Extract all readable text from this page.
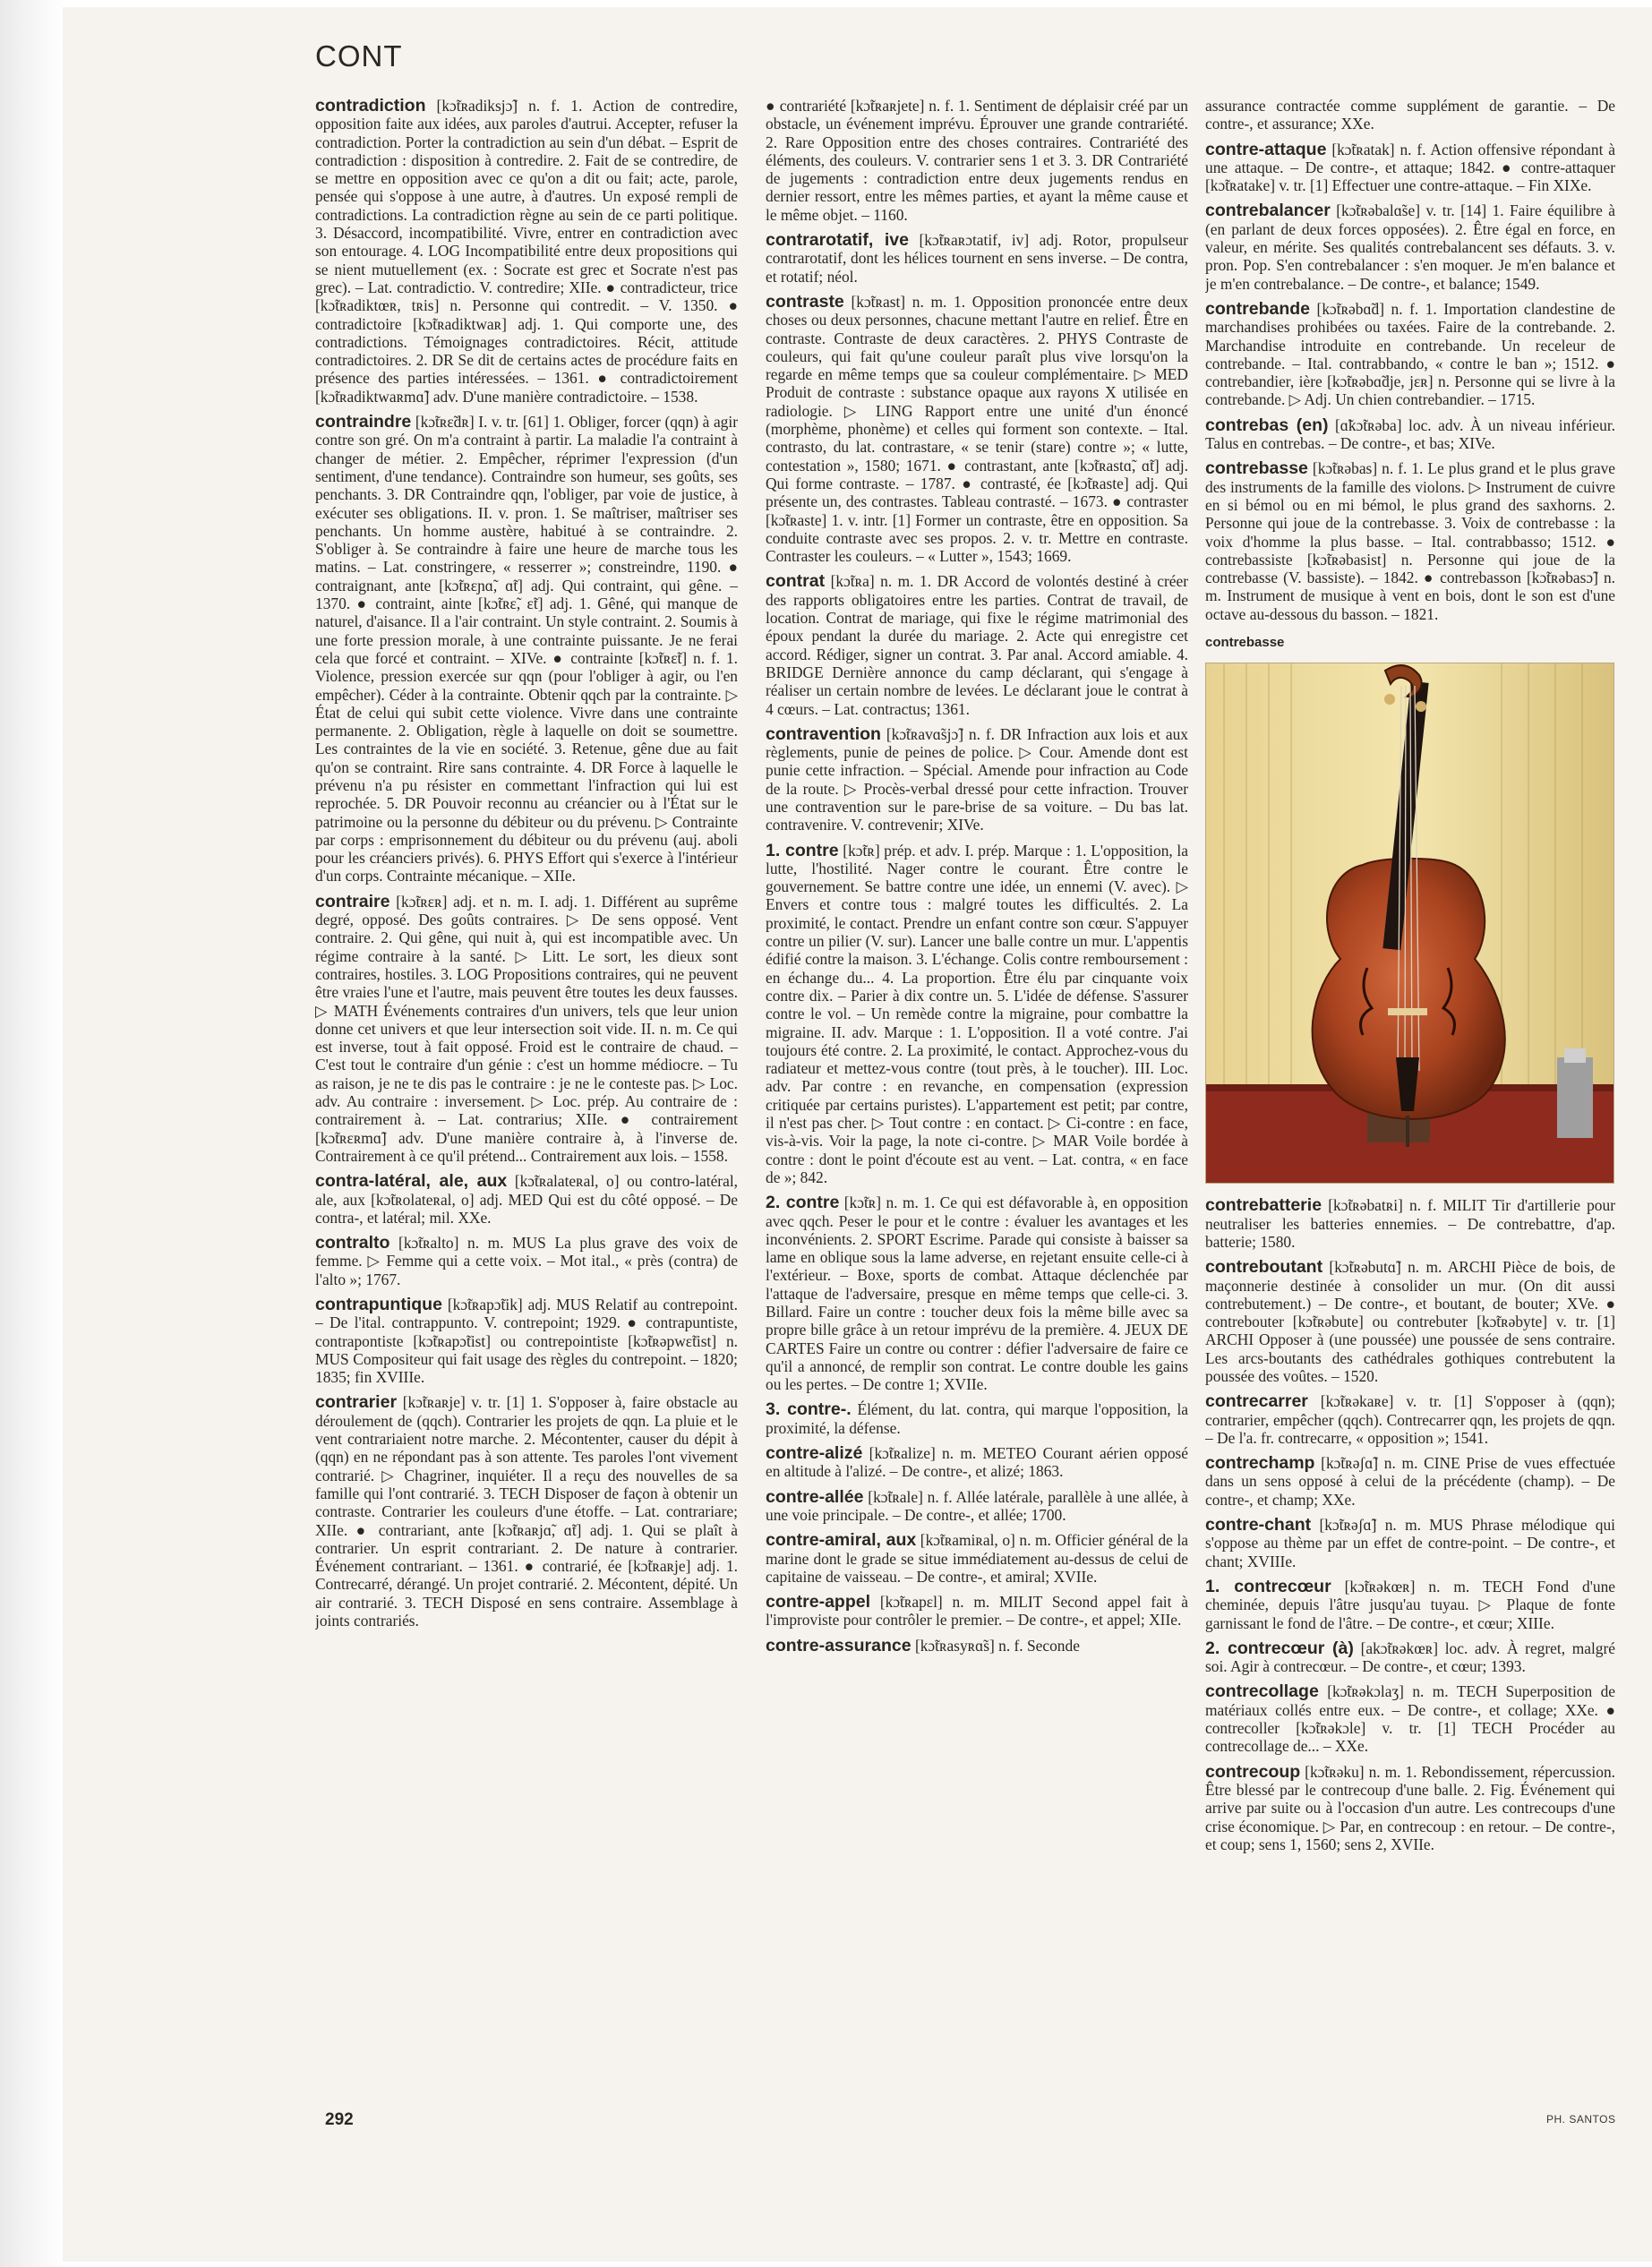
CONT

contradiction [kɔ̃tʀadiksjɔ̃] n. f. 1. Action de contredire, opposition faite aux idées, aux paroles d'autrui. Accepter, refuser la contradiction. Porter la contradiction au sein d'un débat. – Esprit de contradiction : disposition à contredire. 2. Fait de se contredire, de se mettre en opposition avec ce qu'on a dit ou fait; acte, parole, pensée qui s'oppose à une autre, à d'autres. Un exposé rempli de contradictions. La contradiction règne au sein de ce parti politique. 3. Désaccord, incompatibilité. Vivre, entrer en contradiction avec son entourage. 4. LOG Incompatibilité entre deux propositions qui se nient mutuellement (ex. : Socrate est grec et Socrate n'est pas grec). – Lat. contradictio. V. contredire; XIIe. ● contradicteur, trice [kɔ̃tʀadiktœʀ, tʀis] n. Personne qui contredit. – V. 1350. ● contradictoire [kɔ̃tʀadiktwaʀ] adj. 1. Qui comporte une, des contradictions. Témoignages contradictoires. Récit, attitude contradictoires. 2. DR Se dit de certains actes de procédure faits en présence des parties intéressées. – 1361. ● contradictoirement [kɔ̃tʀadiktwaʀmɑ̃] adv. D'une manière contradictoire. – 1538.

contraindre [kɔ̃tʀɛ̃dʀ] I. v. tr. [61] 1. Obliger, forcer (qqn) à agir contre son gré. On m'a contraint à partir. La maladie l'a contraint à changer de métier. 2. Empêcher, réprimer l'expression (d'un sentiment, d'une tendance). Contraindre son humeur, ses goûts, ses penchants. 3. DR Contraindre qqn, l'obliger, par voie de justice, à exécuter ses obligations. II. v. pron. 1. Se maîtriser, maîtriser ses penchants. Un homme austère, habitué à se contraindre. 2. S'obliger à. Se contraindre à faire une heure de marche tous les matins. – Lat. constringere, « resserrer »; constreindre, 1190. ● contraignant, ante [kɔ̃tʀɛɲɑ̃, ɑ̃t] adj. Qui contraint, qui gêne. – 1370. ● contraint, ainte [kɔ̃tʀɛ̃, ɛ̃t] adj. 1. Gêné, qui manque de naturel, d'aisance. Il a l'air contraint. Un style contraint. 2. Soumis à une forte pression morale, à une contrainte puissante. Je ne ferai cela que forcé et contraint. – XIVe. ● contrainte [kɔ̃tʀɛ̃t] n. f. 1. Violence, pression exercée sur qqn (pour l'obliger à agir, ou l'en empêcher). Céder à la contrainte. Obtenir qqch par la contrainte. ▷ État de celui qui subit cette violence. Vivre dans une contrainte permanente. 2. Obligation, règle à laquelle on doit se soumettre. Les contraintes de la vie en société. 3. Retenue, gêne due au fait qu'on se contraint. Rire sans contrainte. 4. DR Force à laquelle le prévenu n'a pu résister en commettant l'infraction qui lui est reprochée. 5. DR Pouvoir reconnu au créancier ou à l'État sur le patrimoine ou la personne du débiteur ou du prévenu. ▷ Contrainte par corps : emprisonnement du débiteur ou du prévenu (auj. aboli pour les créanciers privés). 6. PHYS Effort qui s'exerce à l'intérieur d'un corps. Contrainte mécanique. – XIIe.

contraire [kɔ̃tʀɛʀ] adj. et n. m. I. adj. 1. Différent au suprême degré, opposé. Des goûts contraires. ▷ De sens opposé. Vent contraire. 2. Qui gêne, qui nuit à, qui est incompatible avec. Un régime contraire à la santé. ▷ Litt. Le sort, les dieux sont contraires, hostiles. 3. LOG Propositions contraires, qui ne peuvent être vraies l'une et l'autre, mais peuvent être toutes les deux fausses. ▷ MATH Événements contraires d'un univers, tels que leur union donne cet univers et que leur intersection soit vide. II. n. m. Ce qui est inverse, tout à fait opposé. Froid est le contraire de chaud. – C'est tout le contraire d'un génie : c'est un homme médiocre. – Tu as raison, je ne te dis pas le contraire : je ne le conteste pas. ▷ Loc. adv. Au contraire : inversement. ▷ Loc. prép. Au contraire de : contrairement à. – Lat. contrarius; XIIe. ● contrairement [kɔ̃tʀɛʀmɑ̃] adv. D'une manière contraire à, à l'inverse de. Contrairement à ce qu'il prétend... Contrairement aux lois. – 1558.

contra-latéral, ale, aux [kɔ̃tʀalateʀal, o] ou contro-latéral, ale, aux [kɔ̃tʀolateʀal, o] adj. MED Qui est du côté opposé. – De contra-, et latéral; mil. XXe.

contralto [kɔ̃tʀalto] n. m. MUS La plus grave des voix de femme. ▷ Femme qui a cette voix. – Mot ital., « près (contra) de l'alto »; 1767.

contrapuntique [kɔ̃tʀapɔ̃tik] adj. MUS Relatif au contrepoint. – De l'ital. contrappunto. V. contrepoint; 1929. ● contrapuntiste, contrapontiste [kɔ̃tʀapɔ̃tist] ou contrepointiste [kɔ̃tʀəpwɛ̃tist] n. MUS Compositeur qui fait usage des règles du contrepoint. – 1820; 1835; fin XVIIIe.

contrarier [kɔ̃tʀaʀje] v. tr. [1] 1. S'opposer à, faire obstacle au déroulement de (qqch). Contrarier les projets de qqn. La pluie et le vent contrariaient notre marche. 2. Mécontenter, causer du dépit à (qqn) en ne répondant pas à son attente. Tes paroles l'ont vivement contrarié. ▷ Chagriner, inquiéter. Il a reçu des nouvelles de sa famille qui l'ont contrarié. 3. TECH Disposer de façon à obtenir un contraste. Contrarier les couleurs d'une étoffe. – Lat. contrariare; XIIe. ● contrariant, ante [kɔ̃tʀaʀjɑ̃, ɑ̃t] adj. 1. Qui se plaît à contrarier. Un esprit contrariant. 2. De nature à contrarier. Événement contrariant. – 1361. ● contrarié, ée [kɔ̃tʀaʀje] adj. 1. Contrecarré, dérangé. Un projet contrarié. 2. Mécontent, dépité. Un air contrarié. 3. TECH Disposé en sens contraire. Assemblage à joints contrariés.

● contrariété [kɔ̃tʀaʀjete] n. f. 1. Sentiment de déplaisir créé par un obstacle, un événement imprévu. Éprouver une grande contrariété. 2. Rare Opposition entre des choses contraires. Contrariété des éléments, des couleurs. V. contrarier sens 1 et 3. 3. DR Contrariété de jugements : contradiction entre deux jugements rendus en dernier ressort, entre les mêmes parties, et ayant la même cause et le même objet. – 1160.

contrarotatif, ive [kɔ̃tʀaʀɔtatif, iv] adj. Rotor, propulseur contrarotatif, dont les hélices tournent en sens inverse. – De contra, et rotatif; néol.

contraste [kɔ̃tʀast] n. m. 1. Opposition prononcée entre deux choses ou deux personnes, chacune mettant l'autre en relief. Être en contraste. Contraste de deux caractères. 2. PHYS Contraste de couleurs, qui fait qu'une couleur paraît plus vive lorsqu'on la regarde en même temps que sa couleur complémentaire. ▷ MED Produit de contraste : substance opaque aux rayons X utilisée en radiologie. ▷ LING Rapport entre une unité d'un énoncé (morphème, phonème) et celles qui forment son contexte. – Ital. contrasto, du lat. contrastare, « se tenir (stare) contre »; « lutte, contestation », 1580; 1671. ● contrastant, ante [kɔ̃tʀastɑ̃, ɑ̃t] adj. Qui forme contraste. – 1787. ● contrasté, ée [kɔ̃tʀaste] adj. Qui présente un, des contrastes. Tableau contrasté. – 1673. ● contraster [kɔ̃tʀaste] 1. v. intr. [1] Former un contraste, être en opposition. Sa conduite contraste avec ses propos. 2. v. tr. Mettre en contraste. Contraster les couleurs. – « Lutter », 1543; 1669.

contrat [kɔ̃tʀa] n. m. 1. DR Accord de volontés destiné à créer des rapports obligatoires entre les parties. Contrat de travail, de location. Contrat de mariage, qui fixe le régime matrimonial des époux pendant la durée du mariage. 2. Acte qui enregistre cet accord. Rédiger, signer un contrat. 3. Par anal. Accord amiable. 4. BRIDGE Dernière annonce du camp déclarant, qui s'engage à réaliser un certain nombre de levées. Le déclarant joue le contrat à 4 cœurs. – Lat. contractus; 1361.

contravention [kɔ̃tʀavɑ̃sjɔ̃] n. f. DR Infraction aux lois et aux règlements, punie de peines de police. ▷ Cour. Amende dont est punie cette infraction. – Spécial. Amende pour infraction au Code de la route. ▷ Procès-verbal dressé pour cette infraction. Trouver une contravention sur le pare-brise de sa voiture. – Du bas lat. contravenire. V. contrevenir; XIVe.

1. contre [kɔ̃tʀ] prép. et adv. I. prép. Marque : 1. L'opposition, la lutte, l'hostilité. Nager contre le courant. Être contre le gouvernement. Se battre contre une idée, un ennemi (V. avec). ▷ Envers et contre tous : malgré toutes les difficultés. 2. La proximité, le contact. Prendre un enfant contre son cœur. S'appuyer contre un pilier (V. sur). Lancer une balle contre un mur. L'appentis édifié contre la maison. 3. L'échange. Colis contre remboursement : en échange du... 4. La proportion. Être élu par cinquante voix contre dix. – Parier à dix contre un. 5. L'idée de défense. S'assurer contre le vol. – Un remède contre la migraine, pour combattre la migraine. II. adv. Marque : 1. L'opposition. Il a voté contre. J'ai toujours été contre. 2. La proximité, le contact. Approchez-vous du radiateur et mettez-vous contre (tout près, à le toucher). III. Loc. adv. Par contre : en revanche, en compensation (expression critiquée par certains puristes). L'appartement est petit; par contre, il n'est pas cher. ▷ Tout contre : en contact. ▷ Ci-contre : en face, vis-à-vis. Voir la page, la note ci-contre. ▷ MAR Voile bordée à contre : dont le point d'écoute est au vent. – Lat. contra, « en face de »; 842.

2. contre [kɔ̃tʀ] n. m. 1. Ce qui est défavorable à, en opposition avec qqch. Peser le pour et le contre : évaluer les avantages et les inconvénients. 2. SPORT Escrime. Parade qui consiste à baisser sa lame en oblique sous la lame adverse, en rejetant ensuite celle-ci à l'extérieur. – Boxe, sports de combat. Attaque déclenchée par l'attaque de l'adversaire, presque en même temps que celle-ci. 3. Billard. Faire un contre : toucher deux fois la même bille avec sa propre bille grâce à un retour imprévu de la première. 4. JEUX DE CARTES Faire un contre ou contrer : défier l'adversaire de faire ce qu'il a annoncé, de remplir son contrat. Le contre double les gains ou les pertes. – De contre 1; XVIIe.

3. contre-. Élément, du lat. contra, qui marque l'opposition, la proximité, la défense.

contre-alizé [kɔ̃tʀalize] n. m. METEO Courant aérien opposé en altitude à l'alizé. – De contre-, et alizé; 1863.

contre-allée [kɔ̃tʀale] n. f. Allée latérale, parallèle à une allée, à une voie principale. – De contre-, et allée; 1700.

contre-amiral, aux [kɔ̃tʀamiʀal, o] n. m. Officier général de la marine dont le grade se situe immédiatement au-dessus de celui de capitaine de vaisseau. – De contre-, et amiral; XVIIe.

contre-appel [kɔ̃tʀapɛl] n. m. MILIT Second appel fait à l'improviste pour contrôler le premier. – De contre-, et appel; XIIe.

contre-assurance [kɔ̃tʀasyʀɑ̃s] n. f. Seconde

assurance contractée comme supplément de garantie. – De contre-, et assurance; XXe.

contre-attaque [kɔ̃tʀatak] n. f. Action offensive répondant à une attaque. – De contre-, et attaque; 1842. ● contre-attaquer [kɔ̃tʀatake] v. tr. [1] Effectuer une contre-attaque. – Fin XIXe.

contrebalancer [kɔ̃tʀəbalɑ̃se] v. tr. [14] 1. Faire équilibre à (en parlant de deux forces opposées). 2. Être égal en force, en valeur, en mérite. Ses qualités contrebalancent ses défauts. 3. v. pron. Pop. S'en contrebalancer : s'en moquer. Je m'en balance et je m'en contrebalance. – De contre-, et balance; 1549.

contrebande [kɔ̃tʀəbɑ̃d] n. f. 1. Importation clandestine de marchandises prohibées ou taxées. Faire de la contrebande. 2. Marchandise introduite en contrebande. Un receleur de contrebande. – Ital. contrabbando, « contre le ban »; 1512. ● contrebandier, ière [kɔ̃tʀəbɑ̃dje, jɛʀ] n. Personne qui se livre à la contrebande. ▷ Adj. Un chien contrebandier. – 1715.

contrebas (en) [ɑ̃kɔ̃tʀəba] loc. adv. À un niveau inférieur. Talus en contrebas. – De contre-, et bas; XIVe.

contrebasse [kɔ̃tʀəbas] n. f. 1. Le plus grand et le plus grave des instruments de la famille des violons. ▷ Instrument de cuivre en si bémol ou en mi bémol, le plus grand des saxhorns. 2. Personne qui joue de la contrebasse. 3. Voix de contrebasse : la voix d'homme la plus basse. – Ital. contrabbasso; 1512. ● contrebassiste [kɔ̃tʀəbasist] n. Personne qui joue de la contrebasse (V. bassiste). – 1842. ● contrebasson [kɔ̃tʀəbasɔ̃] n. m. Instrument de musique à vent en bois, dont le son est d'une octave au-dessous du basson. – 1821.

contrebasse

contrebatterie [kɔ̃tʀəbatʀi] n. f. MILIT Tir d'artillerie pour neutraliser les batteries ennemies. – De contrebattre, d'ap. batterie; 1580.

contreboutant [kɔ̃tʀəbutɑ̃] n. m. ARCHI Pièce de bois, de maçonnerie destinée à consolider un mur. (On dit aussi contrebutement.) – De contre-, et boutant, de bouter; XVe. ● contrebouter [kɔ̃tʀəbute] ou contrebuter [kɔ̃tʀəbyte] v. tr. [1] ARCHI Opposer à (une poussée) une poussée de sens contraire. Les arcs-boutants des cathédrales gothiques contrebutent la poussée des voûtes. – 1520.

contrecarrer [kɔ̃tʀəkaʀe] v. tr. [1] S'opposer à (qqn); contrarier, empêcher (qqch). Contrecarrer qqn, les projets de qqn. – De l'a. fr. contrecarre, « opposition »; 1541.

contrechamp [kɔ̃tʀəʃɑ̃] n. m. CINE Prise de vues effectuée dans un sens opposé à celui de la précédente (champ). – De contre-, et champ; XXe.

contre-chant [kɔ̃tʀəʃɑ̃] n. m. MUS Phrase mélodique qui s'oppose au thème par un effet de contre-point. – De contre-, et chant; XVIIIe.

1. contrecœur [kɔ̃tʀəkœʀ] n. m. TECH Fond d'une cheminée, depuis l'âtre jusqu'au tuyau. ▷ Plaque de fonte garnissant le fond de l'âtre. – De contre-, et cœur; XIIIe.

2. contrecœur (à) [akɔ̃tʀəkœʀ] loc. adv. À regret, malgré soi. Agir à contrecœur. – De contre-, et cœur; 1393.

contrecollage [kɔ̃tʀəkɔlaʒ] n. m. TECH Superposition de matériaux collés entre eux. – De contre-, et collage; XXe. ● contrecoller [kɔ̃tʀəkɔle] v. tr. [1] TECH Procéder au contrecollage de... – XXe.

contrecoup [kɔ̃tʀəku] n. m. 1. Rebondissement, répercussion. Être blessé par le contrecoup d'une balle. 2. Fig. Événement qui arrive par suite ou à l'occasion d'un autre. Les contrecoups d'une crise économique. ▷ Par, en contrecoup : en retour. – De contre-, et coup; sens 1, 1560; sens 2, XVIIe.

292	PH. SANTOS
